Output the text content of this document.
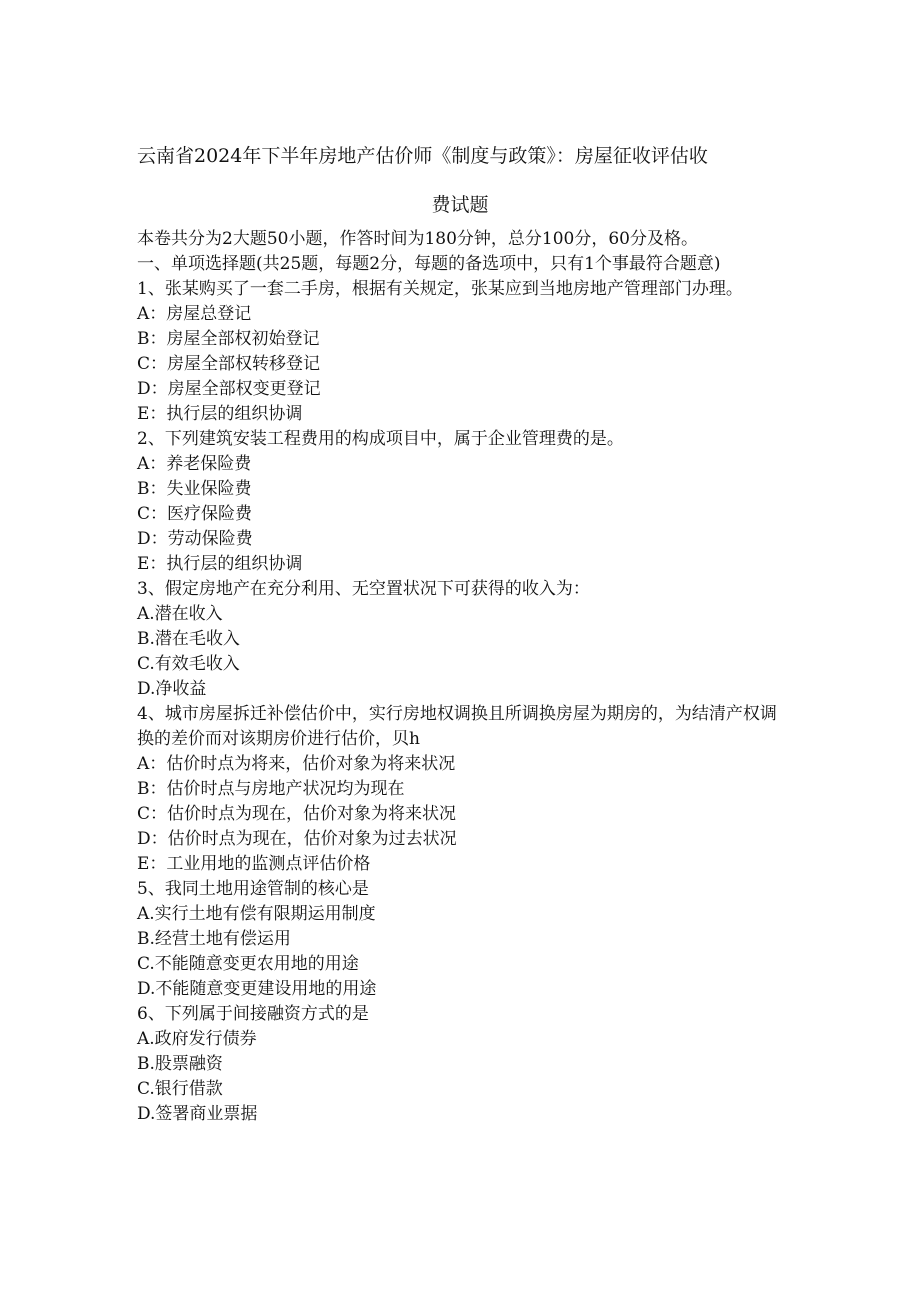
云南省2024年下半年房地产估价师《制度与政策》：房屋征收评估收
费试题
本卷共分为2大题50小题，作答时间为180分钟，总分100分，60分及格。
一、单项选择题(共25题，每题2分，每题的备选项中，只有1个事最符合题意)
1、张某购买了一套二手房，根据有关规定，张某应到当地房地产管理部门办理。
A：房屋总登记
B：房屋全部权初始登记
C：房屋全部权转移登记
D：房屋全部权变更登记
E：执行层的组织协调
2、下列建筑安装工程费用的构成项目中，属于企业管理费的是。
A：养老保险费
B：失业保险费
C：医疗保险费
D：劳动保险费
E：执行层的组织协调
3、假定房地产在充分利用、无空置状况下可获得的收入为：
A.潜在收入
B.潜在毛收入
C.有效毛收入
D.净收益
4、城市房屋拆迁补偿估价中，实行房地权调换且所调换房屋为期房的，为结清产权调换的差价而对该期房价进行估价，贝h
A：估价时点为将来，估价对象为将来状况
B：估价时点与房地产状况均为现在
C：估价时点为现在，估价对象为将来状况
D：估价时点为现在，估价对象为过去状况
E：工业用地的监测点评估价格
5、我同土地用途管制的核心是
A.实行土地有偿有限期运用制度
B.经营土地有偿运用
C.不能随意变更农用地的用途
D.不能随意变更建设用地的用途
6、下列属于间接融资方式的是
A.政府发行债券
B.股票融资
C.银行借款
D.签署商业票据
